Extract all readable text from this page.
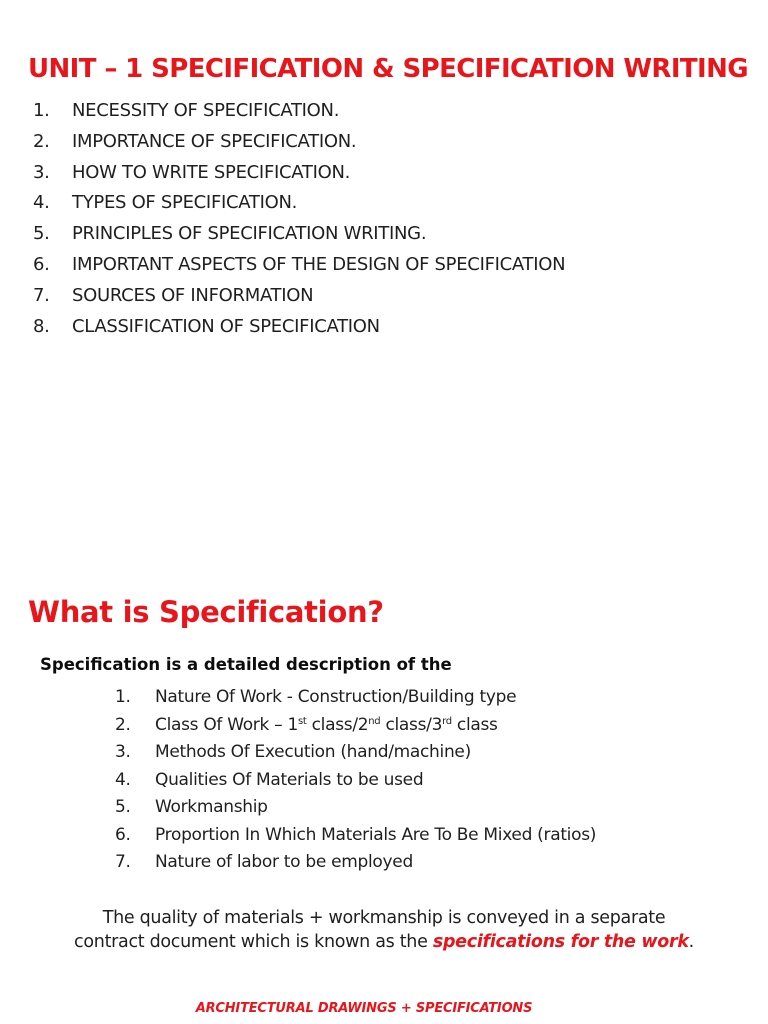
UNIT – 1 SPECIFICATION & SPECIFICATION WRITING
1. NECESSITY OF SPECIFICATION.
2. IMPORTANCE OF SPECIFICATION.
3. HOW TO WRITE SPECIFICATION.
4. TYPES OF SPECIFICATION.
5. PRINCIPLES OF SPECIFICATION WRITING.
6. IMPORTANT ASPECTS OF THE DESIGN OF SPECIFICATION
7. SOURCES OF INFORMATION
8. CLASSIFICATION OF SPECIFICATION
What is Specification?

Specification is a detailed description of the

1. Nature Of Work - Construction/Building type
2. Class Of Work – 1st class/2nd class/3rd class
3. Methods Of Execution (hand/machine)
4. Qualities Of Materials to be used
5. Workmanship
6. Proportion In Which Materials Are To Be Mixed (ratios)
7. Nature of labor to be employed

The quality of materials + workmanship is conveyed in a separate
contract document which is known as the specifications for the work.

ARCHITECTURAL DRAWINGS + SPECIFICATIONS
